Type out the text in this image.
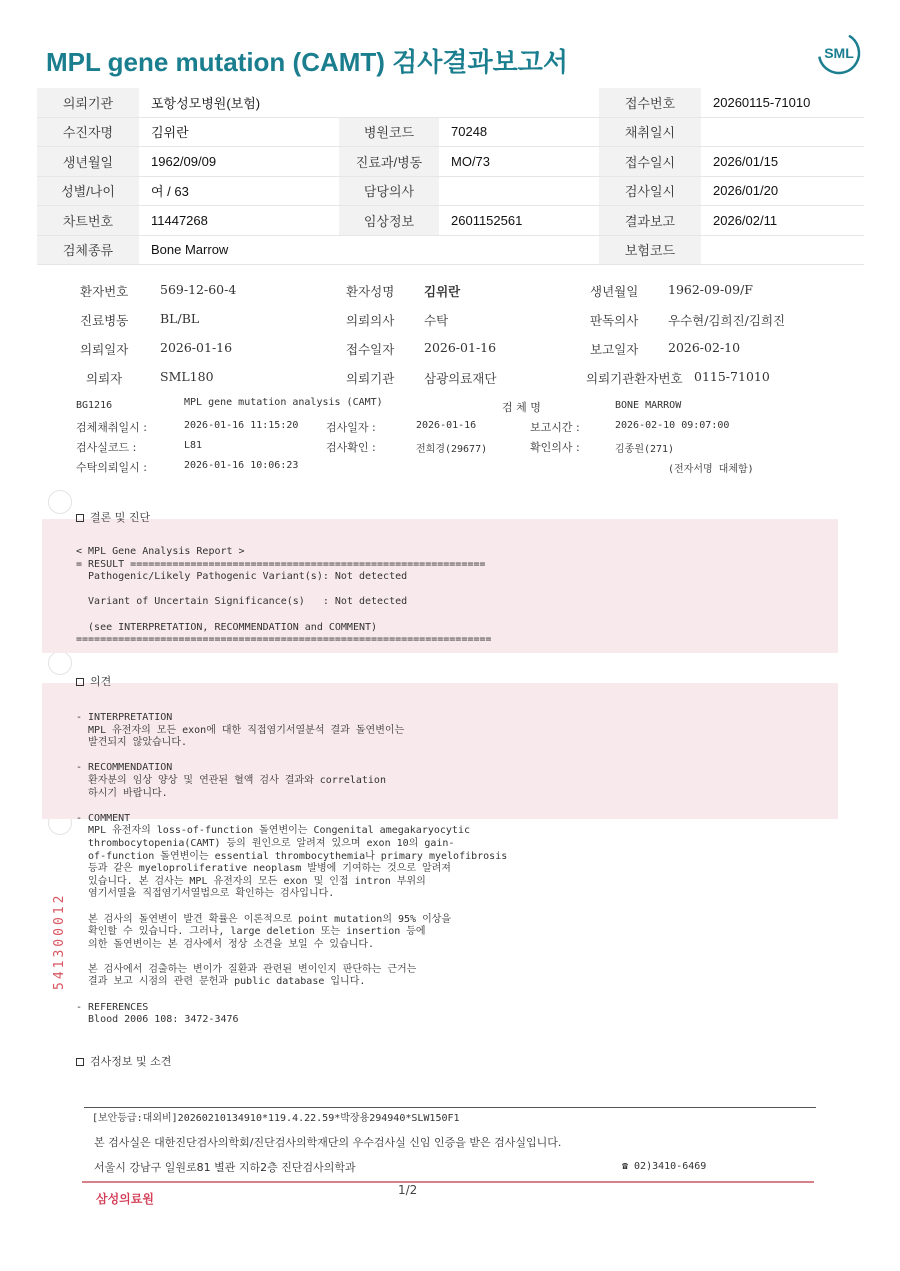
MPL gene mutation (CAMT) 검사결과보고서	SML
의뢰기관	포항성모병원(보험)			접수번호	20260115-71010
수진자명	김위란	병원코드	70248	채취일시	
생년월일	1962/09/09	진료과/병동	MO/73	접수일시	2026/01/15
성별/나이	여 / 63	담당의사		검사일시	2026/01/20
차트번호	11447268	임상정보	2601152561	결과보고	2026/02/11
검체종류	Bone Marrow			보험코드	
환자번호	569-12-60-4	환자성명 김위란	생년월일 1962-09-09/F
진료병동	BL/BL	의뢰의사 수탁	판독의사 우수현/김희진/김희진
의뢰일자	2026-01-16	접수일자 2026-01-16	보고일자 2026-02-10
의뢰자	SML180	의뢰기관 삼광의료재단	의뢰기관환자번호 0115-71010
BG1216	MPL gene mutation analysis (CAMT)	검 체 명	BONE MARROW
검체채취일시 :	2026-01-16 11:15:20	검사일자 :	2026-01-16	보고시간 :	2026-02-10 09:07:00
검사실코드 :	L81	검사확인 :	전희경(29677)	확인의사 :	김종원(271)
수탁의뢰일시 :	2026-01-16 10:06:23	(전자서명 대체함)
결론 및 진단
< MPL Gene Analysis Report >
= RESULT ===========================================================
Pathogenic/Likely Pathogenic Variant(s): Not detected

Variant of Uncertain Significance(s)   : Not detected

(see INTERPRETATION, RECOMMENDATION and COMMENT)
=====================================================================
의견
- INTERPRETATION
MPL 유전자의 모든 exon에 대한 직접염기서열분석 결과 돌연변이는
발견되지 않았습니다.

- RECOMMENDATION
환자분의 임상 양상 및 연관된 혈액 검사 결과와 correlation
하시기 바랍니다.

- COMMENT
MPL 유전자의 loss-of-function 돌연변이는 Congenital amegakaryocytic
thrombocytopenia(CAMT) 등의 원인으로 알려져 있으며 exon 10의 gain-
of-function 돌연변이는 essential thrombocythemia나 primary myelofibrosis
등과 같은 myeloproliferative neoplasm 발병에 기여하는 것으로 알려져
있습니다. 본 검사는 MPL 유전자의 모든 exon 및 인접 intron 부위의
염기서열을 직접염기서열법으로 확인하는 검사입니다.

본 검사의 돌연변이 발견 확률은 이론적으로 point mutation의 95% 이상을
확인할 수 있습니다. 그러나, large deletion 또는 insertion 등에
의한 돌연변이는 본 검사에서 정상 소견을 보일 수 있습니다.

본 검사에서 검출하는 변이가 질환과 관련된 변이인지 판단하는 근거는
결과 보고 시점의 관련 문헌과 public database 입니다.

- REFERENCES
Blood 2006 108: 3472-3476
검사정보 및 소견
[보안등급:대외비]20260210134910*119.4.22.59*박장용294940*SLW150F1
본 검사실은 대한진단검사의학회/진단검사의학재단의 우수검사실 신임 인증을 받은 검사실입니다.
서울시 강남구 일원로81 별관 지하2층 진단검사의학과	☎ 02)3410-6469
541300012
삼성의료원
1/2
